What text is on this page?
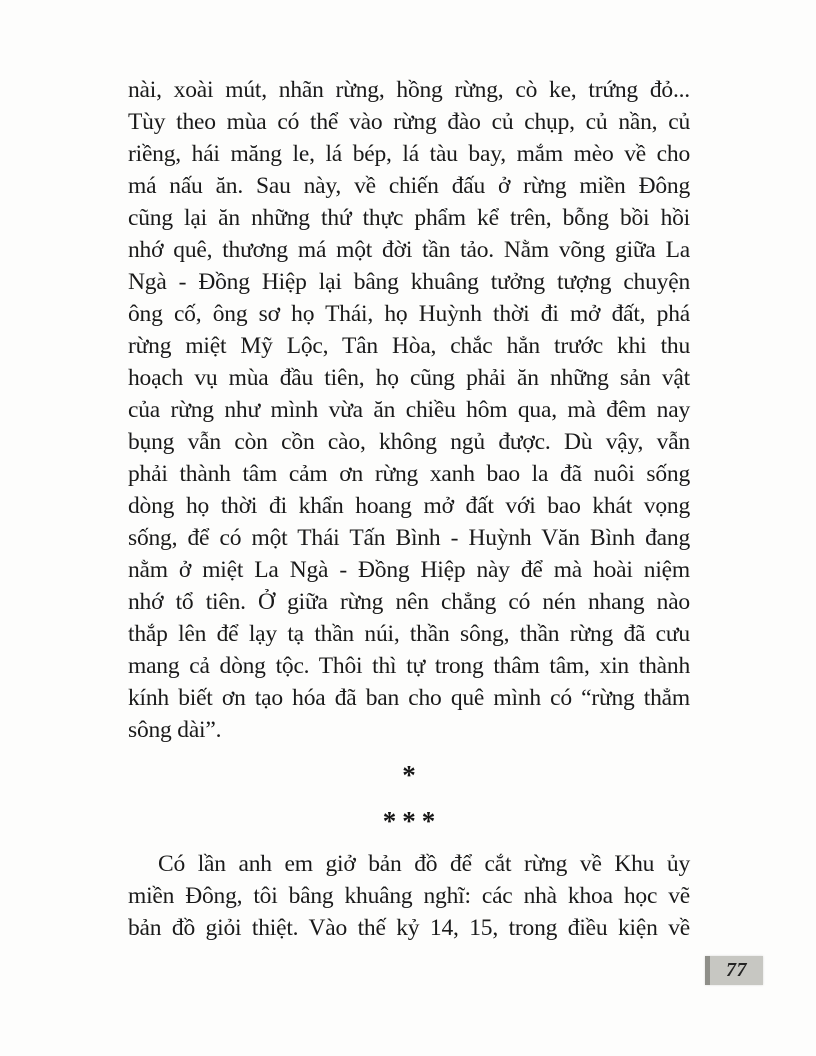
nài, xoài mút, nhãn rừng, hồng rừng, cò ke, trứng đỏ...
Tùy theo mùa có thể vào rừng đào củ chụp, củ nần, củ
riềng, hái măng le, lá bép, lá tàu bay, mắm mèo về cho
má nấu ăn. Sau này, về chiến đấu ở rừng miền Đông
cũng lại ăn những thứ thực phẩm kể trên, bỗng bồi hồi
nhớ quê, thương má một đời tần tảo. Nằm võng giữa La
Ngà - Đồng Hiệp lại bâng khuâng tưởng tượng chuyện
ông cố, ông sơ họ Thái, họ Huỳnh thời đi mở đất, phá
rừng miệt Mỹ Lộc, Tân Hòa, chắc hẳn trước khi thu
hoạch vụ mùa đầu tiên, họ cũng phải ăn những sản vật
của rừng như mình vừa ăn chiều hôm qua, mà đêm nay
bụng vẫn còn cồn cào, không ngủ được. Dù vậy, vẫn
phải thành tâm cảm ơn rừng xanh bao la đã nuôi sống
dòng họ thời đi khẩn hoang mở đất với bao khát vọng
sống, để có một Thái Tấn Bình - Huỳnh Văn Bình đang
nằm ở miệt La Ngà - Đồng Hiệp này để mà hoài niệm
nhớ tổ tiên. Ở giữa rừng nên chẳng có nén nhang nào
thắp lên để lạy tạ thần núi, thần sông, thần rừng đã cưu
mang cả dòng tộc. Thôi thì tự trong thâm tâm, xin thành
kính biết ơn tạo hóa đã ban cho quê mình có “rừng thẳm
sông dài”.
*
***
Có lần anh em giở bản đồ để cắt rừng về Khu ủy
miền Đông, tôi bâng khuâng nghĩ: các nhà khoa học vẽ
bản đồ giỏi thiệt. Vào thế kỷ 14, 15, trong điều kiện về
77
